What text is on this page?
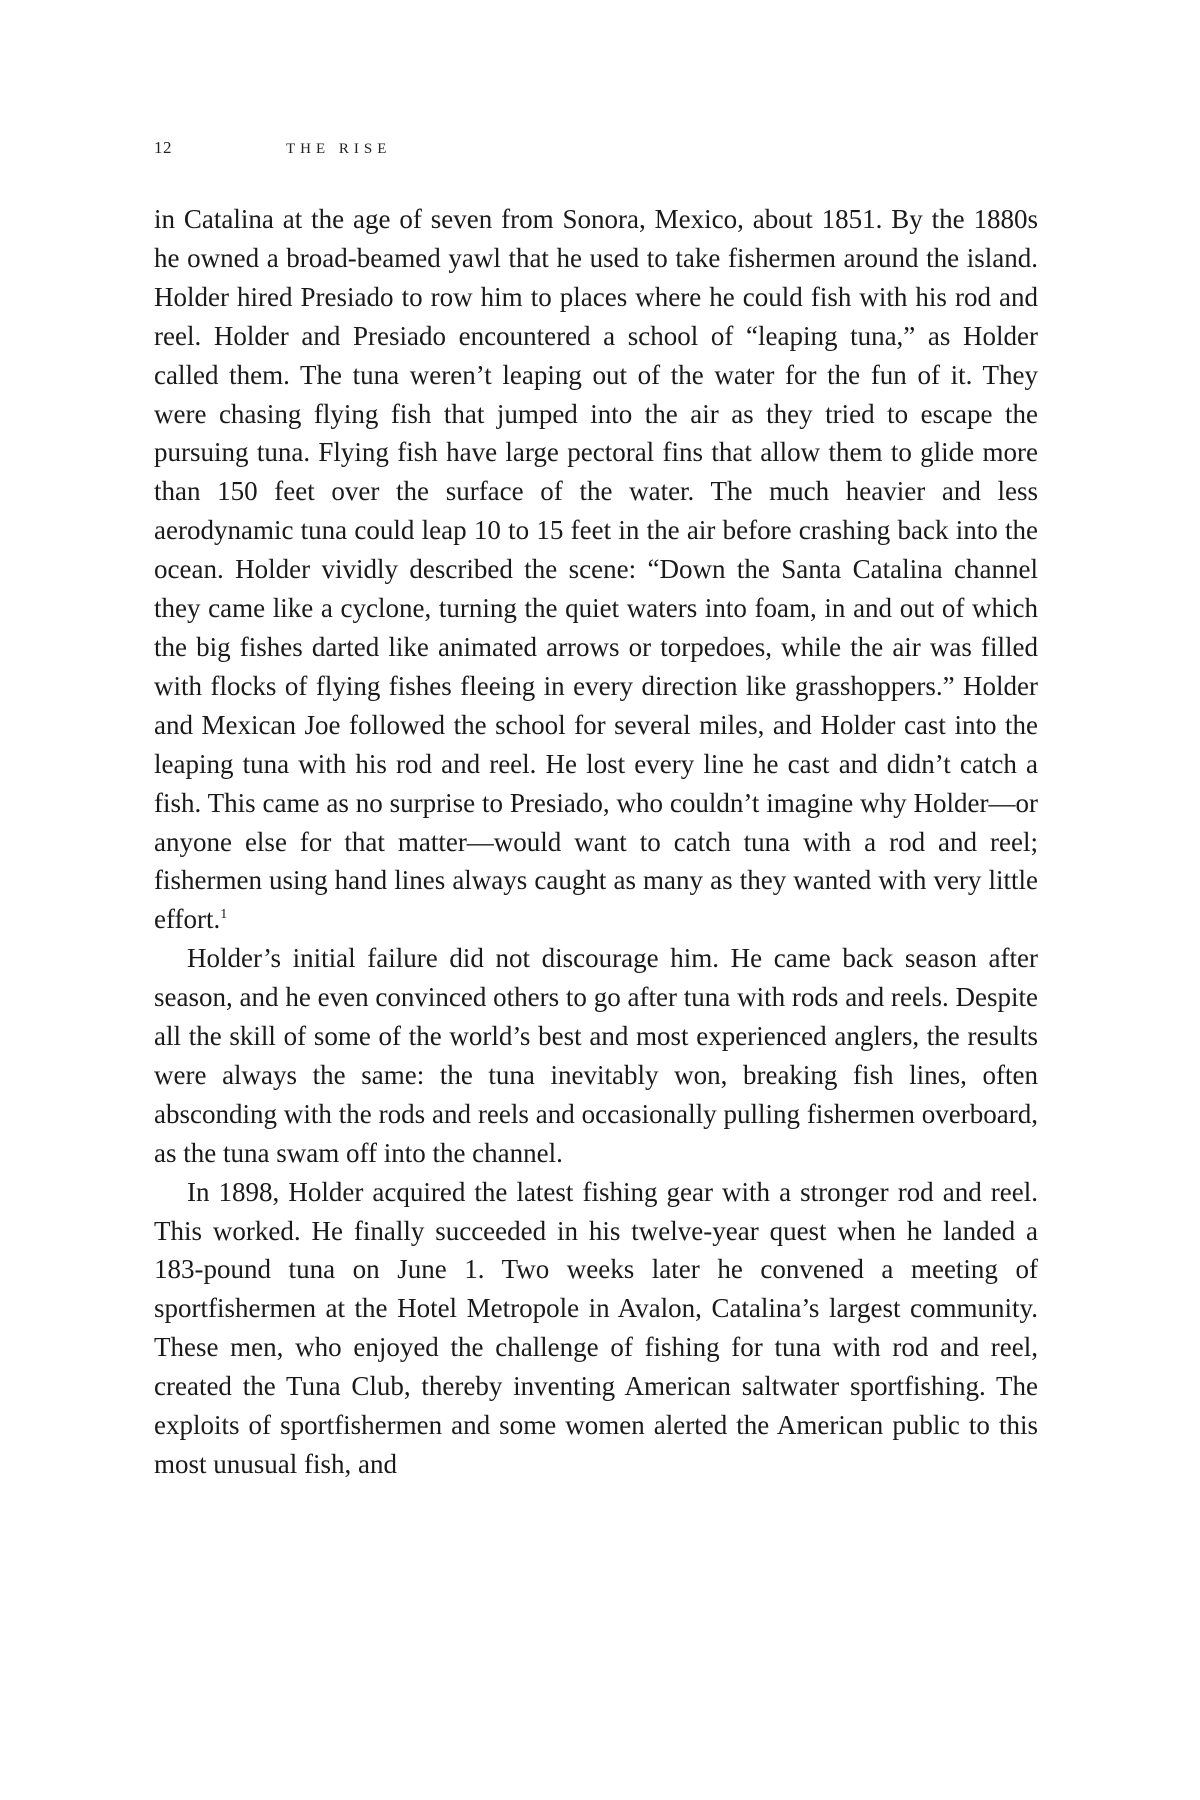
12	THE RISE

in Catalina at the age of seven from Sonora, Mexico, about 1851. By the 1880s he owned a broad-beamed yawl that he used to take fishermen around the island. Holder hired Presiado to row him to places where he could fish with his rod and reel. Holder and Presiado encountered a school of “leaping tuna,” as Holder called them. The tuna weren’t leaping out of the water for the fun of it. They were chasing flying fish that jumped into the air as they tried to escape the pursuing tuna. Flying fish have large pectoral fins that allow them to glide more than 150 feet over the surface of the water. The much heavier and less aerodynamic tuna could leap 10 to 15 feet in the air before crashing back into the ocean. Holder vividly described the scene: “Down the Santa Catalina channel they came like a cyclone, turning the quiet waters into foam, in and out of which the big fishes darted like animated arrows or torpedoes, while the air was filled with flocks of flying fishes fleeing in every direction like grasshoppers.” Holder and Mexican Joe followed the school for several miles, and Holder cast into the leaping tuna with his rod and reel. He lost every line he cast and didn’t catch a fish. This came as no surprise to Presiado, who couldn’t imagine why Holder—or anyone else for that matter—would want to catch tuna with a rod and reel; fishermen using hand lines always caught as many as they wanted with very little effort.$^1$

Holder’s initial failure did not discourage him. He came back season after season, and he even convinced others to go after tuna with rods and reels. Despite all the skill of some of the world’s best and most experienced anglers, the results were always the same: the tuna inevitably won, breaking fish lines, often absconding with the rods and reels and occasionally pulling fishermen overboard, as the tuna swam off into the channel.

In 1898, Holder acquired the latest fishing gear with a stronger rod and reel. This worked. He finally succeeded in his twelve-year quest when he landed a 183-pound tuna on June 1. Two weeks later he convened a meeting of sportfishermen at the Hotel Metropole in Avalon, Catalina’s largest community. These men, who enjoyed the challenge of fishing for tuna with rod and reel, created the Tuna Club, thereby inventing American saltwater sportfishing. The exploits of sportfishermen and some women alerted the American public to this most unusual fish, and
